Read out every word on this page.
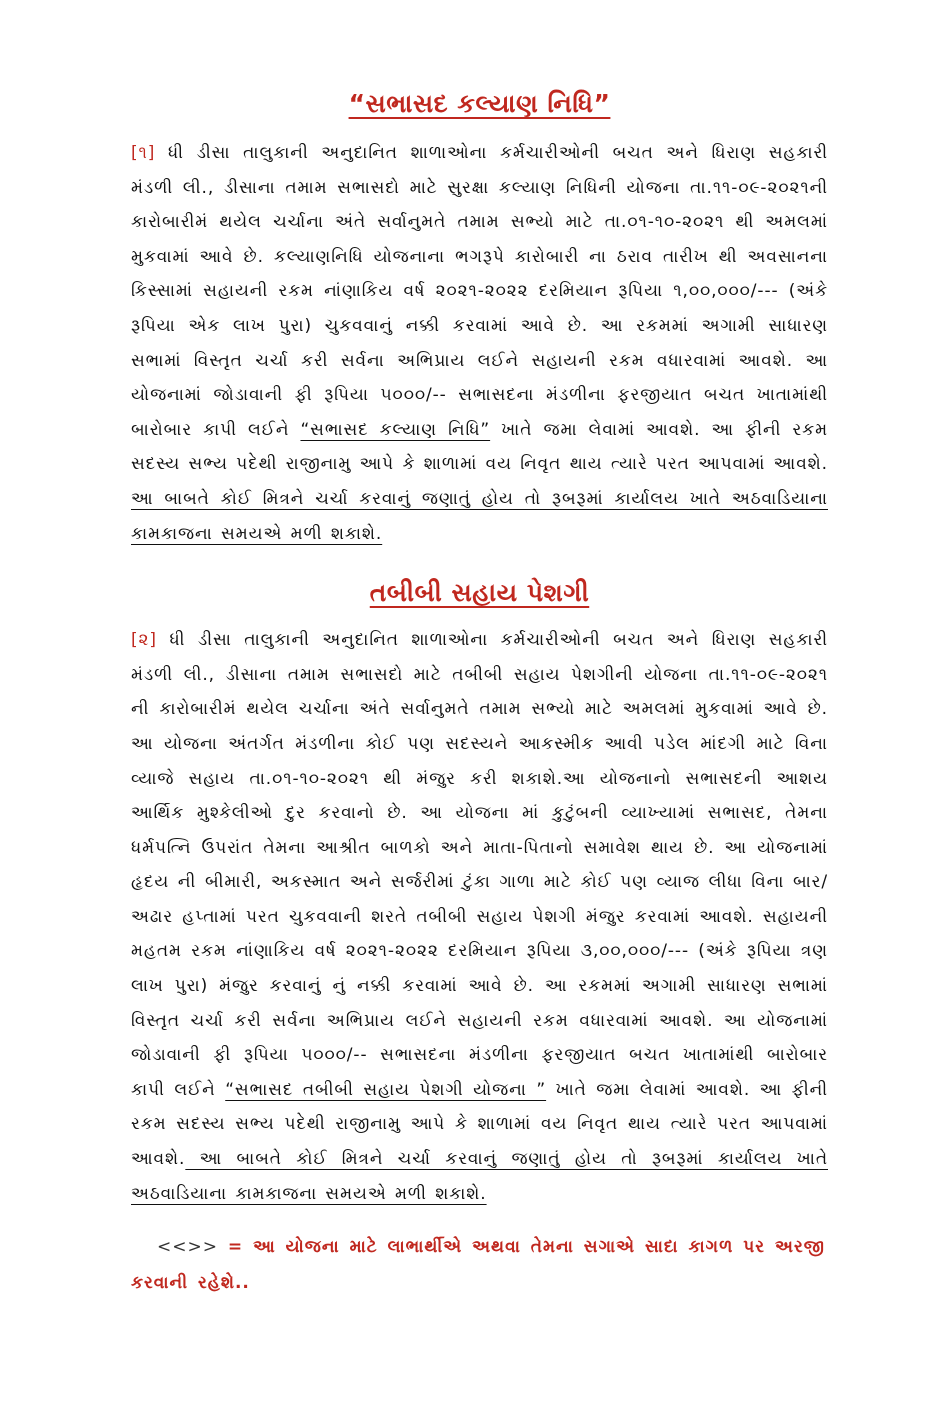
“સભાસદ કલ્યાણ નિધિ”

[૧] ધી ડીસા તાલુકાની અનુદાનિત શાળાઓના કર્મચારીઓની બચત અને ધિરાણ સહકારી મંડળી લી., ડીસાના તમામ સભાસદો માટે સુરક્ષા કલ્યાણ નિધિની યોજના તા.૧૧-૦૯-૨૦૨૧ની કારોબારીમં થયેલ ચર્ચાના અંતે સર્વાનુમતે તમામ સભ્યો માટે તા.૦૧-૧૦-૨૦૨૧ થી અમલમાં મુકવામાં આવે છે. કલ્યાણનિધિ યોજનાના ભગરૂપે કારોબારી ના ઠરાવ તારીખ થી અવસાનના કિસ્સામાં સહાયની રકમ નાંણાકિય વર્ષ ૨૦૨૧-૨૦૨૨ દરમિયાન રૂપિયા ૧,૦૦,૦૦૦/--- (અંકે રૂપિયા એક લાખ પુરા) ચુકવવાનું નક્કી કરવામાં આવે છે. આ રકમમાં અગામી સાધારણ સભામાં વિસ્તૃત ચર્ચા કરી સર્વના અભિપ્રાય લઈને સહાયની રકમ વધારવામાં આવશે. આ યોજનામાં જોડાવાની ફી રૂપિયા ૫૦૦૦/-- સભાસદના મંડળીના ફરજીયાત બચત ખાતામાંથી બારોબાર કાપી લઈને “સભાસદ કલ્યાણ નિધિ” ખાતે જમા લેવામાં આવશે. આ ફીની રકમ સદસ્ય સભ્ય પદેથી રાજીનામુ આપે કે શાળામાં વય નિવૃત થાય ત્યારે પરત આપવામાં આવશે. આ બાબતે કોઈ મિત્રને ચર્ચા કરવાનું જણાતું હોય તો રૂબરૂમાં કાર્યાલય ખાતે અઠવાડિયાના કામકાજના સમયએ મળી શકાશે.

તબીબી સહાય પેશગી

[૨] ધી ડીસા તાલુકાની અનુદાનિત શાળાઓના કર્મચારીઓની બચત અને ધિરાણ સહકારી મંડળી લી., ડીસાના તમામ સભાસદો માટે તબીબી સહાય પેશગીની યોજના તા.૧૧-૦૯-૨૦૨૧ ની કારોબારીમં થયેલ ચર્ચાના અંતે સર્વાનુમતે તમામ સભ્યો માટે અમલમાં મુકવામાં આવે છે. આ યોજના અંતર્ગત મંડળીના કોઈ પણ સદસ્યને આકસ્મીક આવી પડેલ માંદગી માટે વિના વ્યાજે સહાય તા.૦૧-૧૦-૨૦૨૧ થી મંજુર કરી શકાશે.આ યોજનાનો સભાસદની આશય આર્થિક મુશ્કેલીઓ દુર કરવાનો છે. આ યોજના માં કુટુંબની વ્યાખ્યામાં સભાસદ, તેમના ધર્મપત્નિ ઉપરાંત તેમના આશ્રીત બાળકો અને માતા-પિતાનો સમાવેશ થાય છે. આ યોજનામાં હૃદય ની બીમારી, અકસ્માત અને સર્જરીમાં ટુંકા ગાળા માટે કોઈ પણ વ્યાજ લીધા વિના બાર/અઢાર હપ્તામાં પરત ચુકવવાની શરતે તબીબી સહાય પેશગી મંજુર કરવામાં આવશે. સહાયની મહતમ રકમ નાંણાકિય વર્ષ ૨૦૨૧-૨૦૨૨ દરમિયાન રૂપિયા ૩,૦૦,૦૦૦/--- (અંકે રૂપિયા ત્રણ લાખ પુરા) મંજુર કરવાનું નું નક્કી કરવામાં આવે છે. આ રકમમાં અગામી સાધારણ સભામાં વિસ્તૃત ચર્ચા કરી સર્વના અભિપ્રાય લઈને સહાયની રકમ વધારવામાં આવશે. આ યોજનામાં જોડાવાની ફી રૂપિયા ૫૦૦૦/-- સભાસદના મંડળીના ફરજીયાત બચત ખાતામાંથી બારોબાર કાપી લઈને “સભાસદ તબીબી સહાય પેશગી યોજના ” ખાતે જમા લેવામાં આવશે. આ ફીની રકમ સદસ્ય સભ્ય પદેથી રાજીનામુ આપે કે શાળામાં વય નિવૃત થાય ત્યારે પરત આપવામાં આવશે. આ બાબતે કોઈ મિત્રને ચર્ચા કરવાનું જણાતું હોય તો રૂબરૂમાં કાર્યાલય ખાતે અઠવાડિયાના કામકાજના સમયએ મળી શકાશે.

<<>> = આ યોજના માટે લાભાર્થીએ અથવા તેમના સગાએ સાદા કાગળ પર અરજી કરવાની રહેશે..
